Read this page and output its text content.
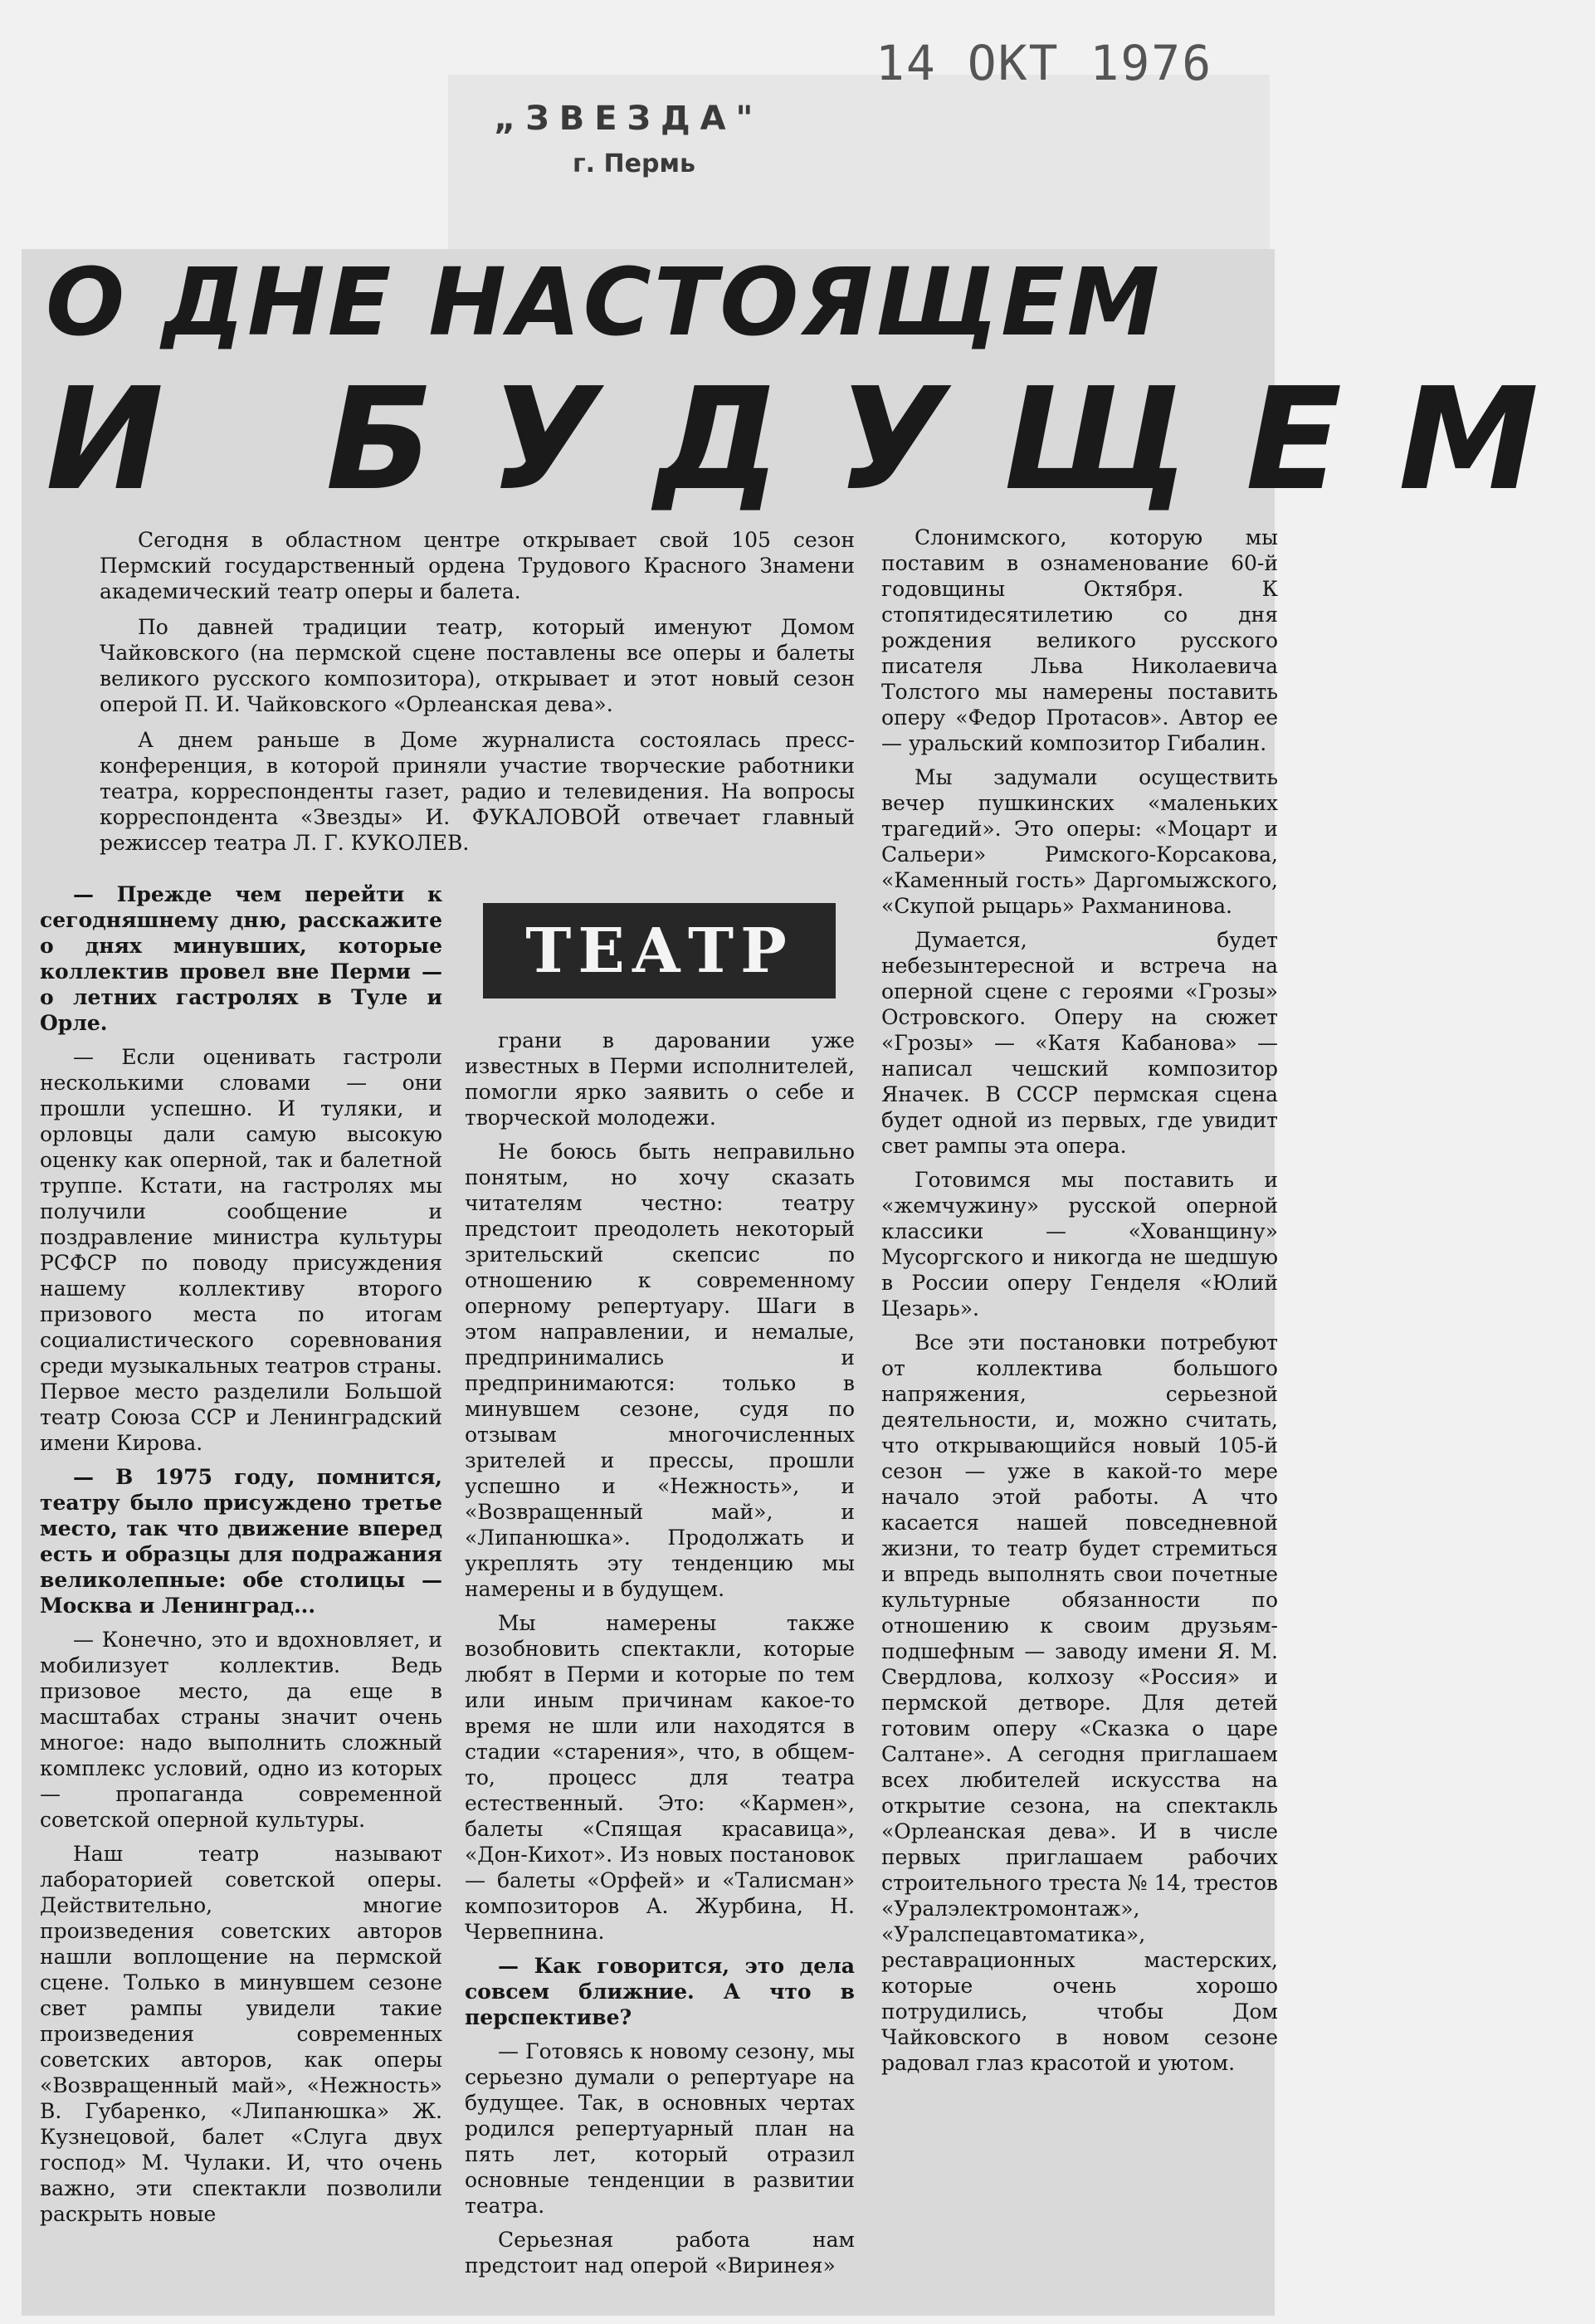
„ЗВЕЗДА"
г. Пермь
14 ОКТ 1976
О ДНЕ НАСТОЯЩЕМ
И БУДУЩЕМ

Сегодня в областном центре открывает свой 105 сезон Пермский государственный ордена Трудового Красного Знамени академический театр оперы и балета.

По давней традиции театр, который именуют Домом Чайковского (на пермской сцене поставлены все оперы и балеты великого русского композитора), открывает и этот новый сезон оперой П. И. Чайковского «Орлеанская дева».

А днем раньше в Доме журналиста состоялась пресс-конференция, в которой приняли участие творческие работники театра, корреспонденты газет, радио и телевидения. На вопросы корреспондента «Звезды» И. ФУКАЛОВОЙ отвечает главный режиссер театра Л. Г. КУКОЛЕВ.

ТЕАТР

— Прежде чем перейти к сегодняшнему дню, расскажите о днях минувших, которые коллектив провел вне Перми — о летних гастролях в Туле и Орле.

— Если оценивать гастроли несколькими словами — они прошли успешно. И туляки, и орловцы дали самую высокую оценку как оперной, так и балетной труппе. Кстати, на гастролях мы получили сообщение и поздравление министра культуры РСФСР по поводу присуждения нашему коллективу второго призового места по итогам социалистического соревнования среди музыкальных театров страны. Первое место разделили Большой театр Союза ССР и Ленинградский имени Кирова.

— В 1975 году, помнится, театру было присуждено третье место, так что движение вперед есть и образцы для подражания великолепные: обе столицы — Москва и Ленинград...

— Конечно, это и вдохновляет, и мобилизует коллектив. Ведь призовое место, да еще в масштабах страны значит очень многое: надо выполнить сложный комплекс условий, одно из которых — пропаганда современной советской оперной культуры.

Наш театр называют лабораторией советской оперы. Действительно, многие произведения советских авторов нашли воплощение на пермской сцене. Только в минувшем сезоне свет рампы увидели такие произведения современных советских авторов, как оперы «Возвращенный май», «Нежность» В. Губаренко, «Липанюшка» Ж. Кузнецовой, балет «Слуга двух господ» М. Чулаки. И, что очень важно, эти спектакли позволили раскрыть новые

грани в даровании уже известных в Перми исполнителей, помогли ярко заявить о себе и творческой молодежи.

Не боюсь быть неправильно понятым, но хочу сказать читателям честно: театру предстоит преодолеть некоторый зрительский скепсис по отношению к современному оперному репертуару. Шаги в этом направлении, и немалые, предпринимались и предпринимаются: только в минувшем сезоне, судя по отзывам многочисленных зрителей и прессы, прошли успешно и «Нежность», и «Возвращенный май», и «Липанюшка». Продолжать и укреплять эту тенденцию мы намерены и в будущем.

Мы намерены также возобновить спектакли, которые любят в Перми и которые по тем или иным причинам какое-то время не шли или находятся в стадии «старения», что, в общем-то, процесс для театра естественный. Это: «Кармен», балеты «Спящая красавица», «Дон-Кихот». Из новых постановок — балеты «Орфей» и «Талисман» композиторов А. Журбина, Н. Червепнина.

— Как говорится, это дела совсем ближние. А что в перспективе?

— Готовясь к новому сезону, мы серьезно думали о репертуаре на будущее. Так, в основных чертах родился репертуарный план на пять лет, который отразил основные тенденции в развитии театра.

Серьезная работа нам предстоит над оперой «Виринея»

Слонимского, которую мы поставим в ознаменование 60-й годовщины Октября. К стопятидесятилетию со дня рождения великого русского писателя Льва Николаевича Толстого мы намерены поставить оперу «Федор Протасов». Автор ее — уральский композитор Гибалин.

Мы задумали осуществить вечер пушкинских «маленьких трагедий». Это оперы: «Моцарт и Сальери» Римского-Корсакова, «Каменный гость» Даргомыжского, «Скупой рыцарь» Рахманинова.

Думается, будет небезынтересной и встреча на оперной сцене с героями «Грозы» Островского. Оперу на сюжет «Грозы» — «Катя Кабанова» — написал чешский композитор Яначек. В СССР пермская сцена будет одной из первых, где увидит свет рампы эта опера.

Готовимся мы поставить и «жемчужину» русской оперной классики — «Хованщину» Мусоргского и никогда не шедшую в России оперу Генделя «Юлий Цезарь».

Все эти постановки потребуют от коллектива большого напряжения, серьезной деятельности, и, можно считать, что открывающийся новый 105-й сезон — уже в какой-то мере начало этой работы. А что касается нашей повседневной жизни, то театр будет стремиться и впредь выполнять свои почетные культурные обязанности по отношению к своим друзьям-подшефным — заводу имени Я. М. Свердлова, колхозу «Россия» и пермской детворе. Для детей готовим оперу «Сказка о царе Салтане». А сегодня приглашаем всех любителей искусства на открытие сезона, на спектакль «Орлеанская дева». И в числе первых приглашаем рабочих строительного треста № 14, трестов «Уралэлектромонтаж», «Уралспецавтоматика», реставрационных мастерских, которые очень хорошо потрудились, чтобы Дом Чайковского в новом сезоне радовал глаз красотой и уютом.
